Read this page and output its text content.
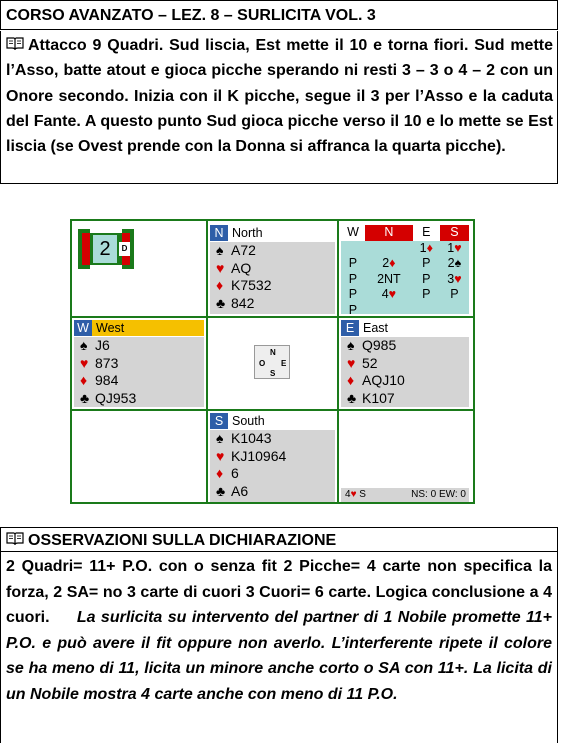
CORSO AVANZATO – LEZ. 8 – SURLICITA VOL. 3
Attacco 9 Quadri. Sud liscia, Est mette il 10 e torna fiori. Sud mette l’Asso, batte atout e gioca picche sperando ni resti 3 – 3 o 4 – 2 con un Onore secondo. Inizia con il K picche, segue il 3 per l’Asso e la caduta del Fante. A questo punto Sud gioca picche verso il 10 e lo mette se Est liscia (se Ovest prende con la Donna si affranca la quarta picche).
2	D
N North
♠ A72
♥ AQ
♦ K7532
♣ 842
W	N	E	S
		1♦	1♥
P	2♦	P	2♠
P	2NT	P	3♥
P	4♥	P	P
P			
W West
♠ J6
♥ 873
♦ 984
♣ QJ953
N
O E
S
E East
♠ Q985
♥ 52
♦ AQJ10
♣ K107
S South
♠ K1043
♥ KJ10964
♦ 6
♣ A6	4♥ S	NS: 0 EW: 0
OSSERVAZIONI SULLA DICHIARAZIONE
2 Quadri= 11+ P.O. con o senza fit 2 Picche= 4 carte non specifica la forza, 2 SA= no 3 carte di cuori 3 Cuori= 6 carte. Logica conclusione a 4 cuori. La surlicita su intervento del partner di 1 Nobile promette 11+ P.O. e può avere il fit oppure non averlo. L’interferente ripete il colore se ha meno di 11, licita un minore anche corto o SA con 11+. La licita di un Nobile mostra 4 carte anche con meno di 11 P.O.
